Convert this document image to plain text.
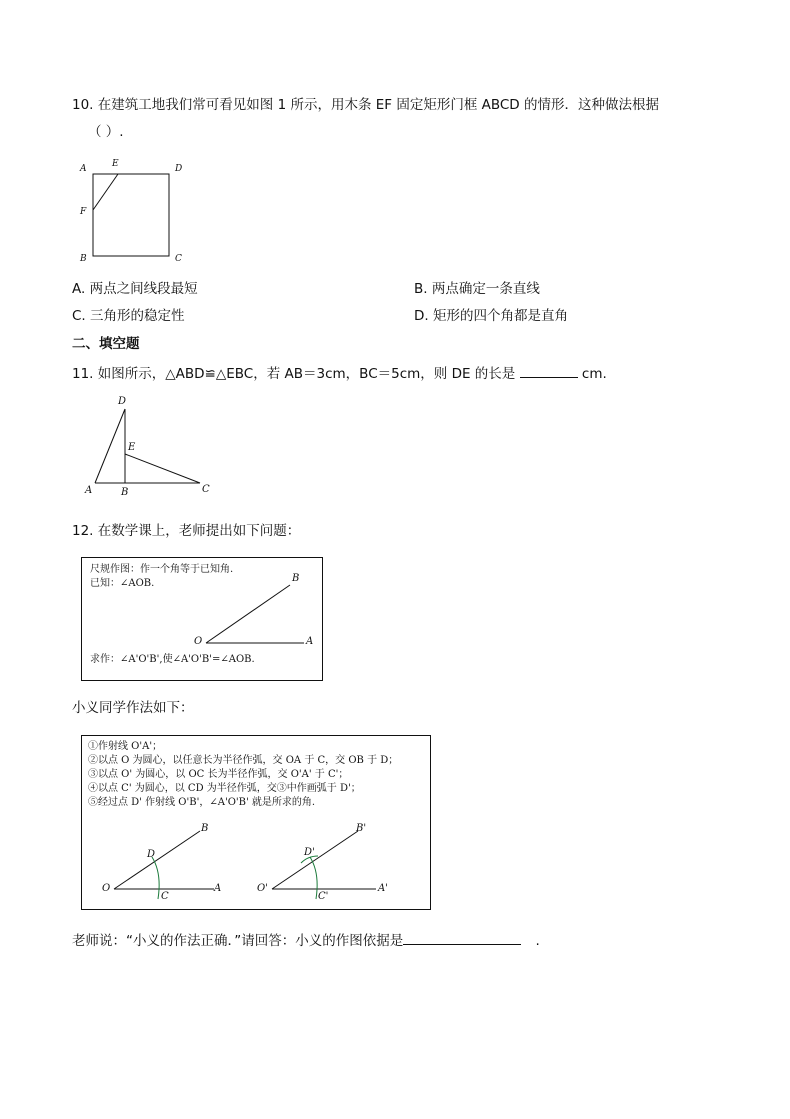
10. 在建筑工地我们常可看见如图 1 所示，用木条 EF 固定矩形门框 ABCD 的情形．这种做法根据
（ ）.
A	E	D
F
B	C
A. 两点之间线段最短	B. 两点确定一条直线
C. 三角形的稳定性	D. 矩形的四个角都是直角
二、填空题
11. 如图所示，△ABD≌△EBC，若 AB＝3cm，BC＝5cm，则 DE 的长是	cm.
D
E
A	B	C
12. 在数学课上，老师提出如下问题：
尺规作图：作一个角等于已知角.
已知：∠AOB.	B
O	A
求作：∠A'O'B',使∠A'O'B'=∠AOB.
小义同学作法如下：
①作射线 O'A'；
②以点 O 为圆心，以任意长为半径作弧，交 OA 于 C，交 OB 于 D；
③以点 O' 为圆心，以 OC 长为半径作弧，交 O'A' 于 C'；
④以点 C' 为圆心，以 CD 为半径作弧，交③中作画弧于 D'；
⑤经过点 D' 作射线 O'B'，∠A'O'B' 就是所求的角.
B
D
O
C
A
B'
D'
O'
C'
A'
老师说：“小义的作法正确．”请回答：小义的作图依据是	.
